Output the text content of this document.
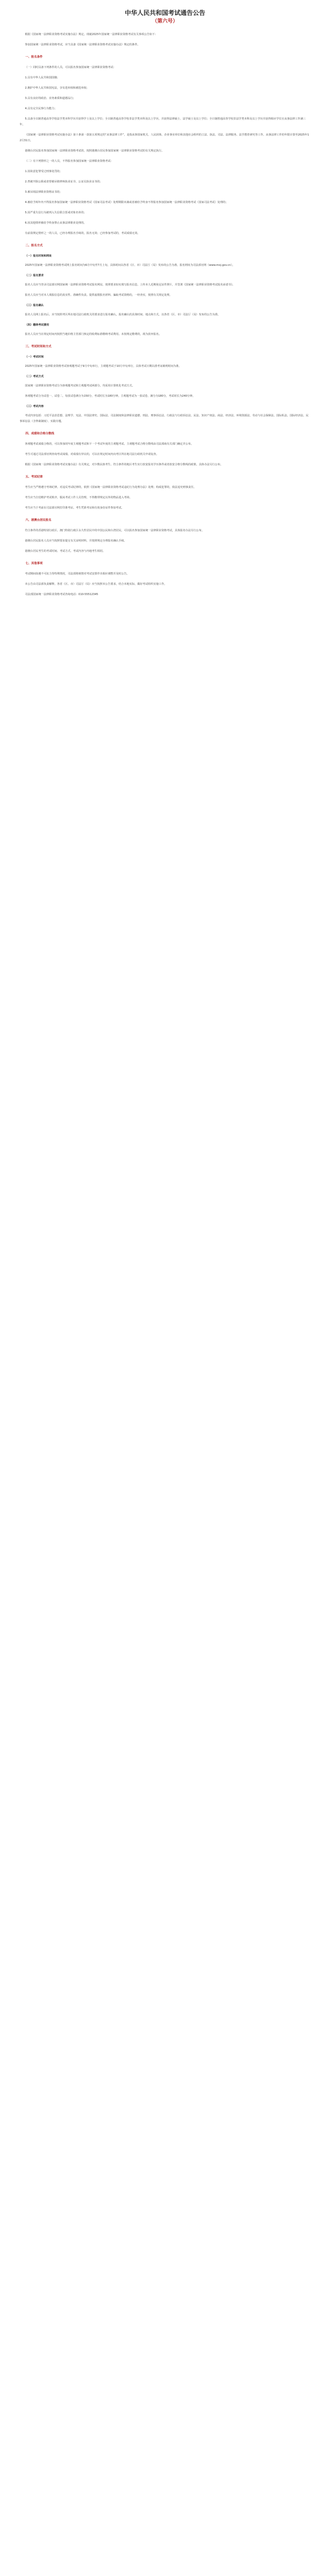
中华人民共和国考试通告公告
（第六号）

根据《国家统一法律职业资格考试实施办法》规定，现就2025年国家统一法律职业资格考试有关事项公告如下：

参加国家统一法律职业资格考试，应当具备《国家统一法律职业资格考试实施办法》规定的条件。

一、报名条件

（一）同时具备下列条件的人员，可以报名参加国家统一法律职业资格考试：

1.具有中华人民共和国国籍；

2.拥护中华人民共和国宪法，享有选举权和被选举权；

3.具有良好的政治、业务素质和道德品行；

4.具有完全民事行为能力；

5.具备全日制普通高等学校法学类本科学历并获得学士及以上学位；全日制普通高等学校非法学类本科及以上学历，并获得法律硕士、法学硕士及以上学位；全日制普通高等学校非法学类本科及以上学历并获得相应学位且从事法律工作满三年。

《国家统一法律职业资格考试实施办法》第十条第一款第五项规定的“从事法律工作”，是指从事国家机关、人民团体、企业事业单位和其他社会组织的立法、执法、司法、法律服务、法学教育研究等工作。从事法律工作的年限计算至2025年12月31日。

港澳台居民报名参加国家统一法律职业资格考试的，按照港澳台居民参加国家统一法律职业资格考试的有关规定执行。

（二）有下列情形之一的人员，不得报名参加国家统一法律职业资格考试：

1.因故意犯罪受过刑事处罚的；

2.曾被开除公职或者曾被吊销律师执业证书、公证员执业证书的；

3.被吊销法律职业资格证书的；

4.被给予两年内不得报名参加国家统一法律职业资格考试（国家司法考试）处理期限未满或者被给予终身不得报名参加国家统一法律职业资格考试（国家司法考试）处理的；

5.因严重失信行为被列入失信联合惩戒对象名单的；

6.因其他情形被给予终身禁止从事法律职业处理的。

有前款规定情形之一的人员，已经办理报名手续的，报名无效；已经参加考试的，考试成绩无效。

二、报名方式

（一）报名时间和网址

2025年国家统一法律职业资格考试网上报名时间为6月中旬至7月上旬，具体时间以各省（区、市）司法厅（局）发布的公告为准。报名网址为司法部官网（www.moj.gov.cn）。

（二）报名要求

报名人员应当登录司法部官网国家统一法律职业资格考试报名网站，按照要求如实填写报名信息，上传本人近期免冠证件照片，并签署《国家统一法律职业资格考试报名承诺书》。

报名人员应当对本人填报信息的真实性、准确性负责。提供虚假报名材料、骗取考试资格的，一经查实，按照有关规定处理。

（三）报名确认

报名人员网上报名后，应当按照考区所在地司法行政机关的要求进行报名确认。报名确认的具体时间、地点和方式，以各省（区、市）司法厅（局）发布的公告为准。

（四）缴纳考试费用

报名人员应当在规定时间内按照当地价格主管部门核定的收费标准缴纳考试费用。未按规定缴费的，视为放弃报名。

三、考试时间和方式

（一）考试时间

2025年国家统一法律职业资格考试客观题考试于9月中旬举行，主观题考试于10月中旬举行，具体考试日期以准考证载明时间为准。

（二）考试方式

国家统一法律职业资格考试分为客观题考试和主观题考试两部分，均采用计算机化考试方式。

客观题考试分为试卷一、试卷二，每张试卷满分为150分，考试时长为180分钟。主观题考试为一张试卷，满分为180分，考试时长为240分钟。

（三）考试内容

考试内容包括：习近平法治思想、法理学、宪法、中国法律史、国际法、司法制度和法律职业道德、刑法、刑事诉讼法、行政法与行政诉讼法、民法、知识产权法、商法、经济法、环境资源法、劳动与社会保障法、国际私法、国际经济法、民事诉讼法（含仲裁制度）、实践专题。

四、成绩和合格分数线

客观题考试成绩合格的，可以参加同年度主观题考试和下一个考试年度的主观题考试。主观题考试合格分数线由司法部商有关部门确定并公布。

考生可通过司法部官网查询考试成绩。对成绩有异议的，可以在规定时间内向考区所在地司法行政机关申请复查。

根据《国家统一法律职业资格考试实施办法》有关规定，对少数民族考生、符合条件的地区考生实行放宽报名学历条件或者放宽合格分数线的政策，具体办法另行公布。

五、考试纪律

考生应当严格遵守考场纪律。对违反考试纪律的，依照《国家统一法律职业资格考试违纪行为处理办法》处理；构成犯罪的，依法追究刑事责任。

考生应当自觉维护考试秩序，服从考试工作人员管理，不得携带规定以外的物品进入考场。

考生应当于考前在司法部官网打印准考证。考生凭准考证和有效身份证件参加考试。

六、港澳台居民报名

符合条件的香港特别行政区、澳门特别行政区永久性居民中的中国公民和台湾居民，可以报名参加国家统一法律职业资格考试，具体报名办法另行公布。

港澳台居民报名人员应当按照要求提交有关证明材料，并按照规定办理报名确认手续。

港澳台居民考生的考试时间、考试方式、考试内容与内地考生相同。

七、其他事项

考试期间如遇不可抗力等特殊情况，司法部将视情对考试安排作出相应调整并及时公告。

本公告由司法部负责解释。各省（区、市）司法厅（局）应当按照本公告要求，结合本地实际，做好考试组织实施工作。

司法部国家统一法律职业资格考试咨询电话：010-55512345
